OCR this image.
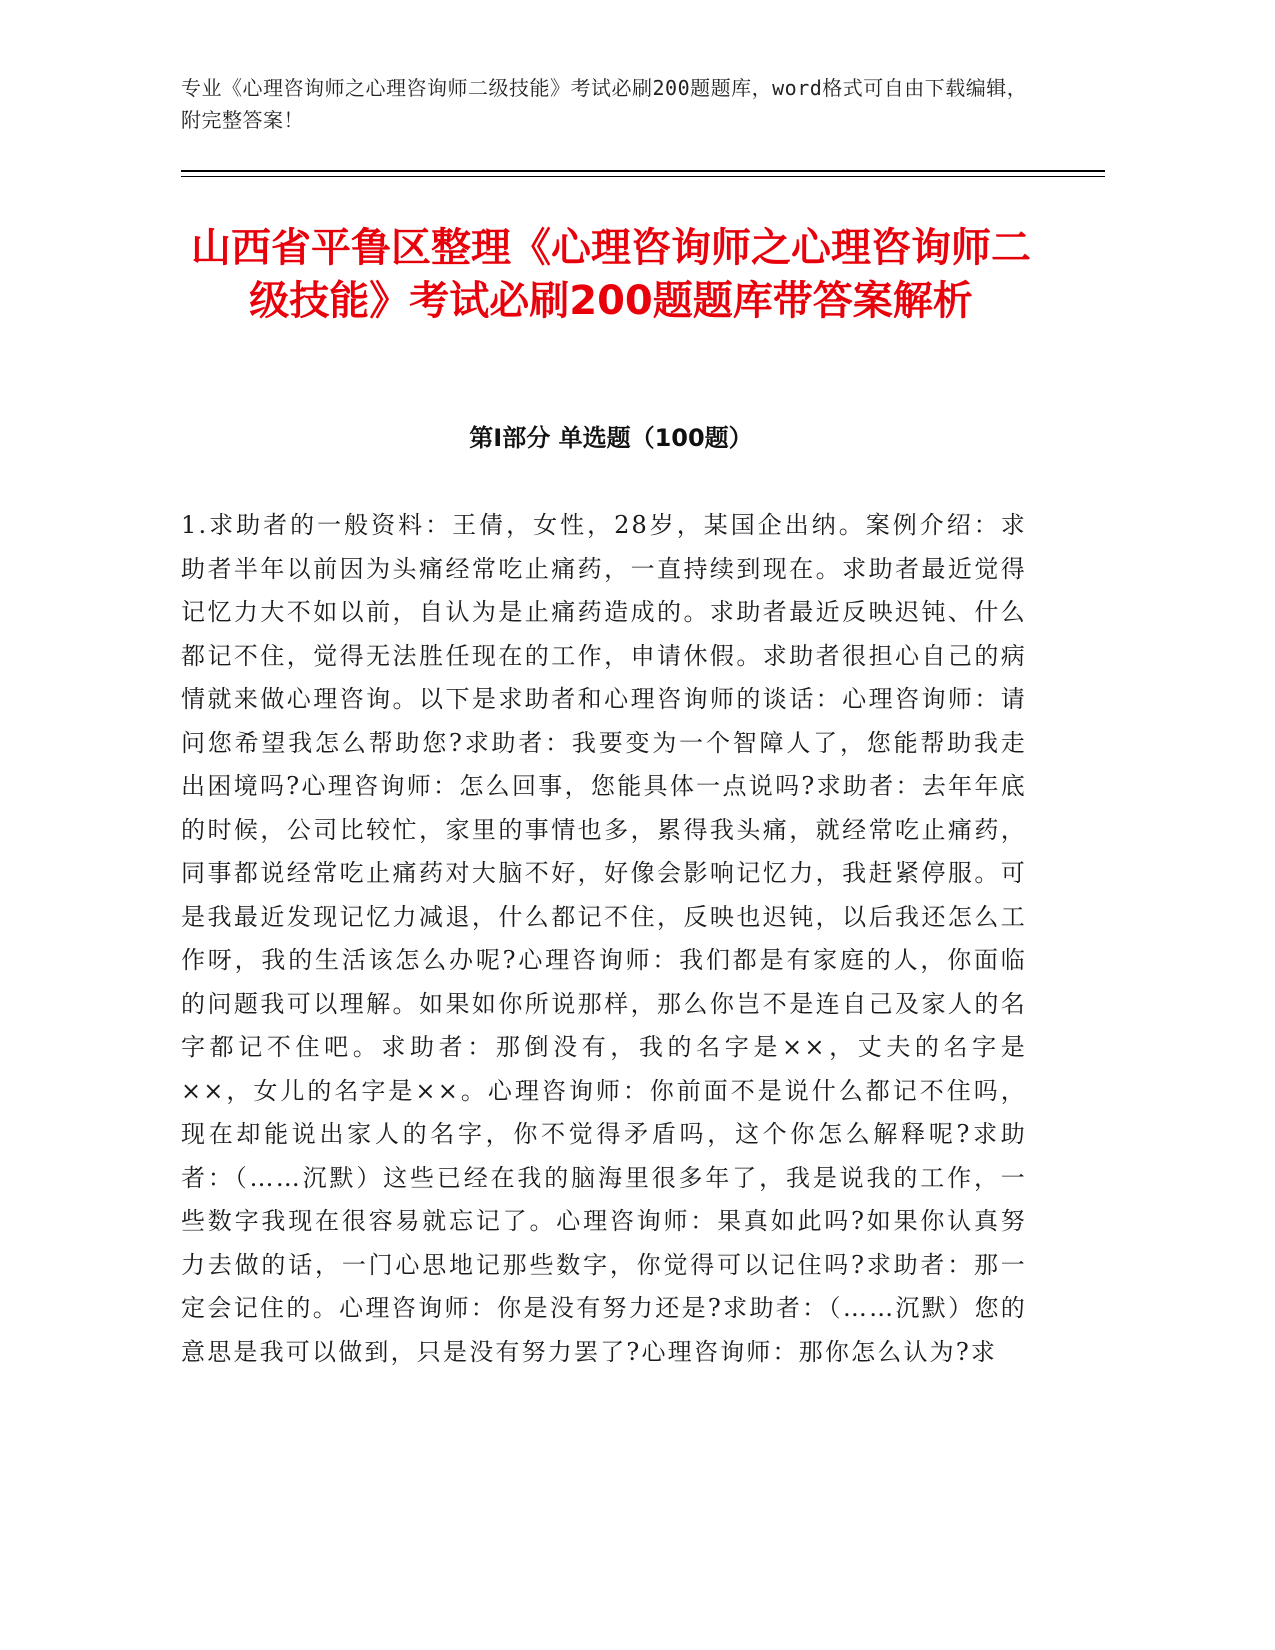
专业《心理咨询师之心理咨询师二级技能》考试必刷200题题库，word格式可自由下载编辑，附完整答案！
山西省平鲁区整理《心理咨询师之心理咨询师二级技能》考试必刷200题题库带答案解析
第Ⅰ部分 单选题（100题）

1.求助者的一般资料：王倩，女性，28岁，某国企出纳。案例介绍：求助者半年以前因为头痛经常吃止痛药，一直持续到现在。求助者最近觉得记忆力大不如以前，自认为是止痛药造成的。求助者最近反映迟钝、什么都记不住，觉得无法胜任现在的工作，申请休假。求助者很担心自己的病情就来做心理咨询。以下是求助者和心理咨询师的谈话：心理咨询师：请问您希望我怎么帮助您?求助者：我要变为一个智障人了，您能帮助我走出困境吗?心理咨询师：怎么回事，您能具体一点说吗?求助者：去年年底的时候，公司比较忙，家里的事情也多，累得我头痛，就经常吃止痛药，同事都说经常吃止痛药对大脑不好，好像会影响记忆力，我赶紧停服。可是我最近发现记忆力减退，什么都记不住，反映也迟钝，以后我还怎么工作呀，我的生活该怎么办呢?心理咨询师：我们都是有家庭的人，你面临的问题我可以理解。如果如你所说那样，那么你岂不是连自己及家人的名字都记不住吧。求助者：那倒没有，我的名字是××，丈夫的名字是××，女儿的名字是××。心理咨询师：你前面不是说什么都记不住吗，现在却能说出家人的名字，你不觉得矛盾吗，这个你怎么解释呢?求助者：（……沉默）这些已经在我的脑海里很多年了，我是说我的工作，一些数字我现在很容易就忘记了。心理咨询师：果真如此吗?如果你认真努力去做的话，一门心思地记那些数字，你觉得可以记住吗?求助者：那一定会记住的。心理咨询师：你是没有努力还是?求助者：（……沉默）您的意思是我可以做到，只是没有努力罢了?心理咨询师：那你怎么认为?求
